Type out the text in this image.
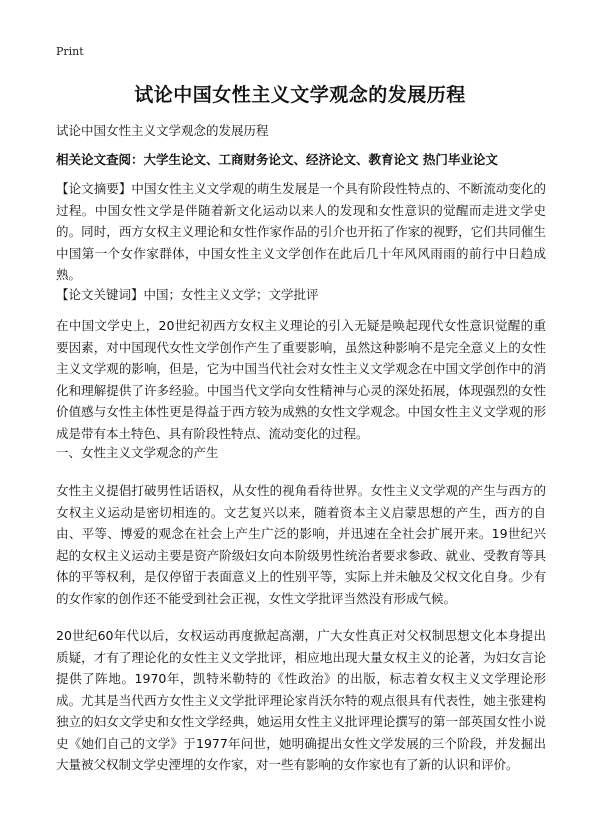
Print
试论中国女性主义文学观念的发展历程
试论中国女性主义文学观念的发展历程
相关论文查阅：大学生论文、工商财务论文、经济论文、教育论文 热门毕业论文

【论文摘要】中国女性主义文学观的萌生发展是一个具有阶段性特点的、不断流动变化的过程。中国女性文学是伴随着新文化运动以来人的发现和女性意识的觉醒而走进文学史的。同时，西方女权主义理论和女性作家作品的引介也开拓了作家的视野，它们共同催生中国第一个女作家群体，中国女性主义文学创作在此后几十年风风雨雨的前行中日趋成熟。

【论文关键词】中国；女性主义文学；文学批评

在中国文学史上，20世纪初西方女权主义理论的引入无疑是唤起现代女性意识觉醒的重要因素，对中国现代女性文学创作产生了重要影响，虽然这种影响不是完全意义上的女性主义文学观的影响，但是，它为中国当代社会对女性主义文学观念在中国文学创作中的消化和理解提供了许多经验。中国当代文学向女性精神与心灵的深处拓展，体现强烈的女性价值感与女性主体性更是得益于西方较为成熟的女性文学观念。中国女性主义文学观的形成是带有本土特色、具有阶段性特点、流动变化的过程。

一、女性主义文学观念的产生

女性主义提倡打破男性话语权，从女性的视角看待世界。女性主义文学观的产生与西方的女权主义运动是密切相连的。文艺复兴以来，随着资本主义启蒙思想的产生，西方的自由、平等、博爱的观念在社会上产生广泛的影响，并迅速在全社会扩展开来。19世纪兴起的女权主义运动主要是资产阶级妇女向本阶级男性统治者要求参政、就业、受教育等具体的平等权利，是仅停留于表面意义上的性别平等，实际上并未触及父权文化自身。少有的女作家的创作还不能受到社会正视，女性文学批评当然没有形成气候。

20世纪60年代以后，女权运动再度掀起高潮，广大女性真正对父权制思想文化本身提出质疑，才有了理论化的女性主义文学批评，相应地出现大量女权主义的论著，为妇女言论提供了阵地。1970年，凯特米勒特的《性政治》的出版，标志着女权主义文学理论形成。尤其是当代西方女性主义文学批评理论家肖沃尔特的观点很具有代表性，她主张建构独立的妇女文学史和女性文学经典，她运用女性主义批评理论撰写的第一部英国女性小说史《她们自己的文学》于1977年问世，她明确提出女性文学发展的三个阶段，并发掘出大量被父权制文学史湮埋的女作家，对一些有影响的女作家也有了新的认识和评价。
